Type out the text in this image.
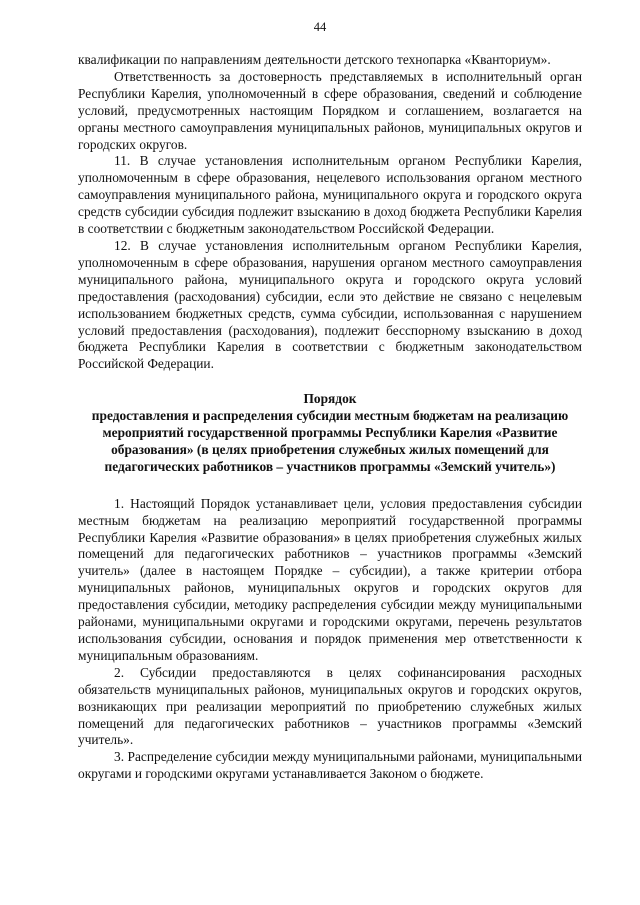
44

квалификации по направлениям деятельности детского технопарка «Кванториум».

Ответственность за достоверность представляемых в исполнительный орган Республики Карелия, уполномоченный в сфере образования, сведений и соблюдение условий, предусмотренных настоящим Порядком и соглашением, возлагается на органы местного самоуправления муниципальных районов, муниципальных округов и городских округов.

11. В случае установления исполнительным органом Республики Карелия, уполномоченным в сфере образования, нецелевого использования органом местного самоуправления муниципального района, муниципального округа и городского округа средств субсидии субсидия подлежит взысканию в доход бюджета Республики Карелия в соответствии с бюджетным законодательством Российской Федерации.

12. В случае установления исполнительным органом Республики Карелия, уполномоченным в сфере образования, нарушения органом местного самоуправления муниципального района, муниципального округа и городского округа условий предоставления (расходования) субсидии, если это действие не связано с нецелевым использованием бюджетных средств, сумма субсидии, использованная с нарушением условий предоставления (расходования), подлежит бесспорному взысканию в доход бюджета Республики Карелия в соответствии с бюджетным законодательством Российской Федерации.

Порядок
предоставления и распределения субсидии местным бюджетам на реализацию мероприятий государственной программы Республики Карелия «Развитие образования» (в целях приобретения служебных жилых помещений для педагогических работников – участников программы «Земский учитель»)

1. Настоящий Порядок устанавливает цели, условия предоставления субсидии местным бюджетам на реализацию мероприятий государственной программы Республики Карелия «Развитие образования» в целях приобретения служебных жилых помещений для педагогических работников – участников программы «Земский учитель» (далее в настоящем Порядке – субсидии), а также критерии отбора муниципальных районов, муниципальных округов и городских округов для предоставления субсидии, методику распределения субсидии между муниципальными районами, муниципальными округами и городскими округами, перечень результатов использования субсидии, основания и порядок применения мер ответственности к муниципальным образованиям.

2. Субсидии предоставляются в целях софинансирования расходных обязательств муниципальных районов, муниципальных округов и городских округов, возникающих при реализации мероприятий по приобретению служебных жилых помещений для педагогических работников – участников программы «Земский учитель».

3. Распределение субсидии между муниципальными районами, муниципальными округами и городскими округами устанавливается Законом о бюджете.
